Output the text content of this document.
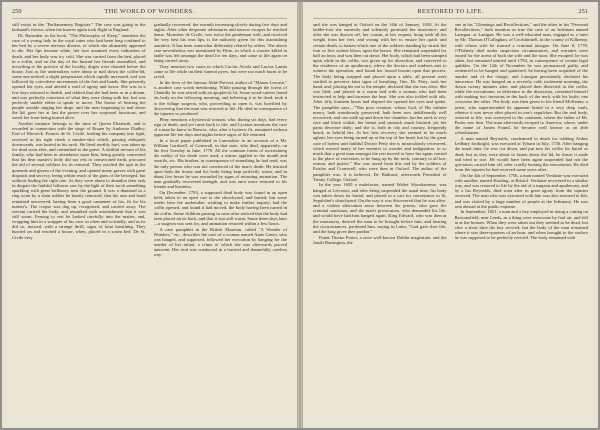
250	THE WORLD OF WONDERS.

still exists in the "Parliamentary Register." The case was going to the husband's favour, when the knaves again took flight to England.

Dr. Ramsden, in his book, "The Philosophy of Sleep," mentions the case of a young lady in the royal ruins who had been long confined to her bed by a severe nervous disease, of which she ultimately appeared to die. Her lips became white, her face assumed every indication of death, and her body was icy cold. She was carried from the bed, placed in a coffin, and on the day of the funeral her friends assembled, and according to the practice of the locality, dirges were chanted before the house. Just as the undertakers were about to nail down the coffin-lid, some one noticed a slight perspiration which rapidly increased, and was followed by convulsive movements of the feet and hands. She presently opened her eyes, and uttered a wail of agony and terror. She was in a few days restored to health, and related that she had been as in a dream, and was perfectly conscious of what they were doing with her, but was perfectly unable either to speak or move. The horror of hearing the people outside singing her dirge, and the men beginning to nail down the lid, gave her at last the power over her corporeal functions, and saved her from being buried alive.

Another instance belongs to the time of Queen Elizabeth, and is recorded in connection with the siege of Rouen by Ambrose Dudley, Earl of Warwick. Francis de St. Civile, leading his company into fight, received in his right cheek a musket-shot which, passing obliquely downwards, was buried in his neck. He lived terribly hurt, was taken up for dead soon after, and committed to the grave. A faithful servant of his family, who had been in attendance upon him, being greatly concerned that his dear master's body did not rest in consecrated earth, procured the aid of several soldiers for its removal. They reached the spot in the quietude and gloom of the evening, and opened many graves with great dispatch and secrecy, being within reach of the guns of the besieged, but without finding the right one. As they were about to abandon their task in despair the faithful follower saw by the light of their torch something sparkling with great brilliancy near the ground. It was a diamond in a ring worn by a slain soldier he hastily removed; that the arm and hand remained uncovered, having been a good ornament of his, fit for his master's. The corpse was dug up, recognised, and carried away. The servant carried the body, and remarked with astonishment that it was still warm. Fearing to rest he looked carefully into the matter, and, wrapping him in a wrapper of his own so often and so kindly, and as he did so, noticed, with a strange thrill, signs of faint breathing. They hurried on and reached a house, when, placed in a warm bed, De St. Civile very

gradually recovered, the warmth increasing slowly during five days and nights. After other desperate adventures and narrow escapes he reached home. Monsieur de Civile, was twice the gentleman well, and received the very best his own lips, is the authority given for this astonishing narrative. It has been somewhat differently related by others. The above case nevertheless was mentioned by Dirm, in which a warrior killed in battle was left amongst the dead for ten days, and came to life again on being carried away.

They mention two cases in which Lucius Aviola and Lucius Lamia came to life while on their funeral pyres, but were too much burnt to be saved.

In the lives of the famous Abbé Prevost, author of "Manon Lescaut," is another case worth mentioning. While passing through the forest of Chantilly he was seized with an apoplectic fit. Some wood-cutters found his body on the following morning, and believing it to be dead, took it to the village surgeon, who, proceeding to open it, was horrified by discovering that the man was restored to life. He died in consequence of the injuries so produced.

Pliny mentions a hysterical woman, who, during six days, had every sign of death, and yet came back to life; and Lycinus mentions the case of a man he knew in Brescia, who, after a hysteric fit, remained without apparent life ten days and nights before signs of life returned.

In a local paper published in Lancashire in an account of a Mr. William Cardwell, of Cornwall, in that state, who died, apparently, on the first Tuesday in June, 1778. All the common forms of ascertaining the reality of his death were used; a mirror applied to the mouth and nostrils, etc. His brother, in consequence of something he had read, was the only person who was not convinced of the man's death. He insisted upon both the house and his body being kept perfectly warm, and in about five hours he was rewarded by signs of returning animation. The man gradually recovered strength, and was once more restored to his friends and business.

On December, 1793, a supposed dead body was found in an open field, taken to an open cart to the churchyard, and buried; but some weeks later the undertaker, wishing to make further inquiry, had the coffin opened, and found it had moved, the body having been turned in the coffin. Some children passing in soon after noticed that the body had been placed on its back, and that it was still warm. Some three days later—a surgeon was sent for, and animation restored within a few hours.

A case pamphlet in the British Museum, called "A Wonder of Wonders," etc., describes the case of a woman named Anne Green, who was hanged, and supposed, followed her execution by hanging for the murder of her infant, a crime of which she was afterwards proved innocent. Her trial was conducted in a hurried and shamefully careless way,

RESTORED TO LIFE.	251

and she was hanged at Oxford on the 14th of January, 1650. At the ladder-foot she earnestly and solemnly protested her innocence; and after she was thrown off, her cousin, at her request, hung with all his weight from her feet, and swung with her to ensure her quick and certain death, to hasten which one of the soldiers standing by struck her four or five violent blows upon the breast. She remained suspended for half an hour, and was then cut down. Her body, which had been stamped upon while in the coffin, was given up for dissection, and conveyed to the residence of an apothecary, where the doctors and students met to witness the operation, and found her loosed bosom open that process. The body being stripped and placed upon a table, all present were startled to perceive faint signs of breathing. One, Dr. Petty, took her hand, and, placing his ear to the temple, declared that she was alive. She was bled, and placed in a warm bed with a woman who had been instructed to help and increase the heat. She was also tickled with oils. After fifty fourteen hours had elapsed she opened her eyes and spoke. The pamphlet says—"This poor creature, whom God, of His infinite mercy, hath wondrously preserved, hath been now indifferently well recovered, and can walk up and down her chamber; but her neck is very sore and black withal; her breast and stomach much bruised; yet her pains decrease daily; and she is, both in city and country, frequently heard, to behold her. At her first recovery she seemed to be much aghast, her eyes being turned up at the top of her head; but by the great care of honest and faithful Doctor Petty she is miraculously recovered, which moved many of her enemies to wonder and indignation, in so much that a great man amongst the rest moved to have her again carried to the place of execution, to be hung up by the neck, contrary to all law, reason, and justice." She was saved from this end by the soldiers of Fairfax and Cromwell, who were then in Oxford. The author of the pamphlet was, it is believed, Dr. Bathurst, afterwards President of Trinity College, Oxford.

In the year 1650 a malefactor, named Walter Wyndiatesme, was hanged at Leicester, and after being suspended the usual time, his body was taken down for burial, and placed in a cart for conveyance to St. Sepulchre's churchyard. On the way it was discovered that he was alive, and a violent altercation arose between the priests, who gave the criminal sanctuary, and the man's prosecutors, who demanded his life, and would have had him hanged again. King Edward, who was then at the monastery, desired the man to be brought before him, and hearing the circumstances, pardoned him, saying in Latin, "God gave thee life, and the king gives thee pardon."

Frank Thorne Porter, a once well-known Dublin magistrate, and the Jonah Barrington, the

one in his "Gleanings and Recollections," and the other in his "Personal Recollections," both mention as true the case of an Irishman named Lanegan, or Lanigan. He was a well-educated man, engaged as a tutor by Mr. Thomas O'Callaghan, of Coolshinnell, in the county of Kilkenny, with whose wife he formed a criminal intrigue. On June 8, 1778, O'Flaherty died under suspicious circumstances, and warrants were issued for the arrest of both the wife and the tutor. She escaped; he was taken, but remained untried until 1784, in consequence of certain legal quibbles. On the 12th of November he was pronounced guilty, and sentenced to be hanged and quartered; he having been acquitted of the murder and of the charge, and Lanegan persistently declared his innocence. He was hanged on a severely cold, inclement morning, the drawn twenty minutes after, and placed then dissected in the coffin, while the executioner, in deference to the dissection, contented himself with making two incisions in the back of the neck with his knife, one crosswise the other. The body was then given to his friend McKenna, a priest, who superintended its apparent burial in a very deep vault, whence it was never after placed in one's sepulchre. But the real body, restored to life, was conveyed to the continent, where the father of Mr. Porter saw him. The man afterwards escaped to America, where, under the name of James Found, he became well known as an able schoolmaster.

A man named Reynolds, condemned to death for robbing Arthur Ledbury forthright, was executed at Tyburn in July, 1736. After hanging the usual time, he was cut down, and put into his coffin for burial as dead; but as they were about to fasten down the lid, he thrust it aside and tried to rise. He would have been again suspended had not the spectators carried him off, after cruelly beating the executioner. He died from the injuries he had received some years after.

On the 4th of September, 1756, a man named Verdaine was executed with another, named Harding, at Bristol. Verdaine recovered in a similar way, and was restored to life by the aid of a surgeon and apothecary, and by a his Reynolds, died soon after in great agony from the injuries received. The man who was executed with him was also restored to life, and was visited by a large number of people at the Infirmary. He was sent abroad at the public expense.

In September, 1821, a man and a boy employed in doing a cutting on Beaconsfield, near Leeds, as a thing were overcome by foul air, and fell in at the bottom. When they were taken out they seemed to be dead, but after a short time the boy revived, but the body of the man remained where it was three-quarters of an hour, and when brought to the surface he was supposed to be perfectly revived. The body remained with
